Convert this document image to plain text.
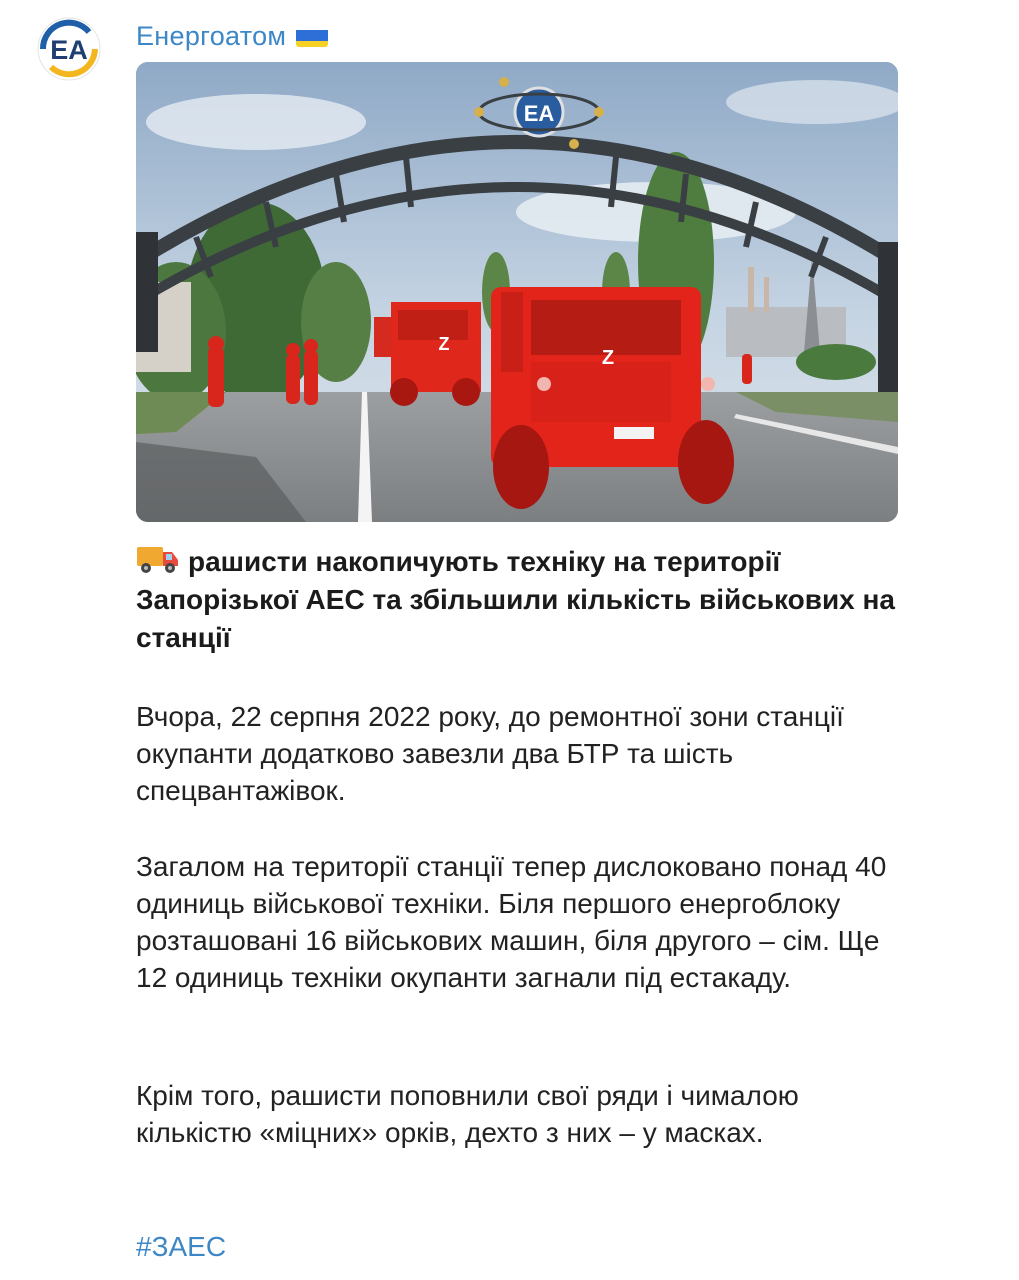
ЕА Енергоатом
ЕА
Z
Z
рашисти накопичують техніку на території Запорізької АЕС та збільшили кількість військових на станції
Вчора, 22 серпня 2022 року, до ремонтної зони станції окупанти додатково завезли два БТР та шість спецвантажівок.
Загалом на території станції тепер дислоковано понад 40 одиниць військової техніки. Біля першого енергоблоку розташовані 16 військових машин, біля другого – сім. Ще 12 одиниць техніки окупанти загнали під естакаду.
Крім того, рашисти поповнили свої ряди і чималою кількістю «міцних» орків, дехто з них – у масках.
#ЗАЕС
